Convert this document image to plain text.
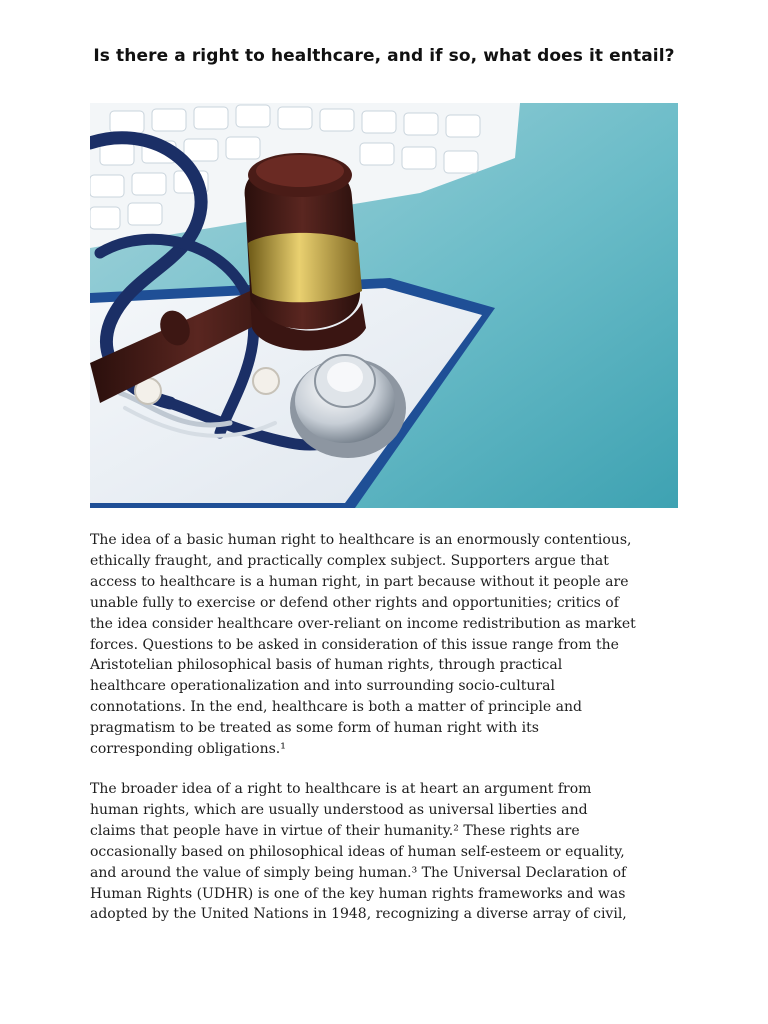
Is there a right to healthcare, and if so, what does it entail?

The idea of a basic human right to healthcare is an enormously contentious,
ethically fraught, and practically complex subject. Supporters argue that
access to healthcare is a human right, in part because without it people are
unable fully to exercise or defend other rights and opportunities; critics of
the idea consider healthcare over-reliant on income redistribution as market
forces. Questions to be asked in consideration of this issue range from the
Aristotelian philosophical basis of human rights, through practical
healthcare operationalization and into surrounding socio-cultural
connotations. In the end, healthcare is both a matter of principle and
pragmatism to be treated as some form of human right with its
corresponding obligations.¹

The broader idea of a right to healthcare is at heart an argument from
human rights, which are usually understood as universal liberties and
claims that people have in virtue of their humanity.² These rights are
occasionally based on philosophical ideas of human self-esteem or equality,
and around the value of simply being human.³ The Universal Declaration of
Human Rights (UDHR) is one of the key human rights frameworks and was
adopted by the United Nations in 1948, recognizing a diverse array of civil,
